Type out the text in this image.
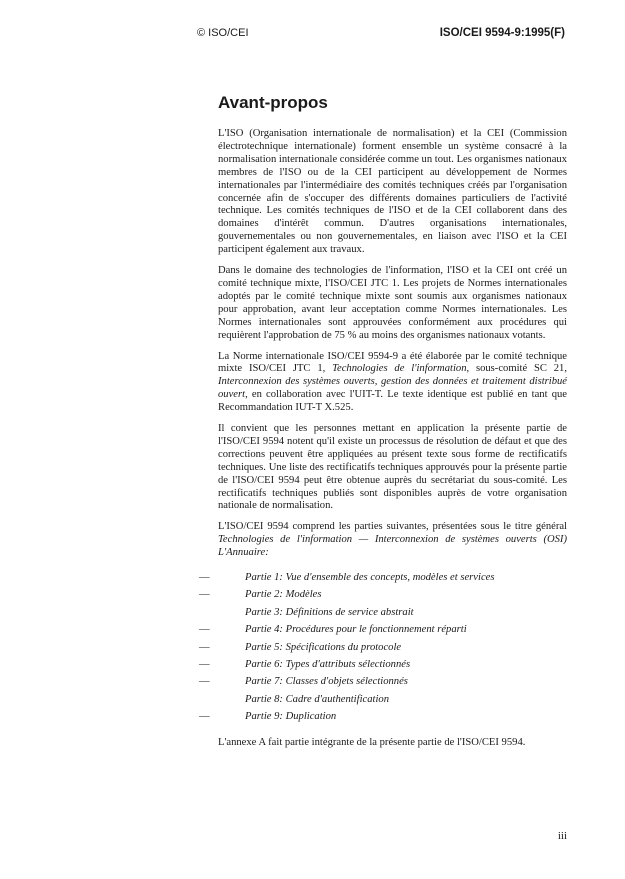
© ISO/CEI	ISO/CEI 9594-9:1995(F)
Avant-propos

L'ISO (Organisation internationale de normalisation) et la CEI (Commission électrotechnique internationale) forment ensemble un système consacré à la normalisation internationale considérée comme un tout. Les organismes nationaux membres de l'ISO ou de la CEI participent au développement de Normes internationales par l'intermédiaire des comités techniques créés par l'organisation concernée afin de s'occuper des différents domaines particuliers de l'activité technique. Les comités techniques de l'ISO et de la CEI collaborent dans des domaines d'intérêt commun. D'autres organisations internationales, gouvernementales ou non gouvernementales, en liaison avec l'ISO et la CEI participent également aux travaux.

Dans le domaine des technologies de l'information, l'ISO et la CEI ont créé un comité technique mixte, l'ISO/CEI JTC 1. Les projets de Normes internationales adoptés par le comité technique mixte sont soumis aux organismes nationaux pour approbation, avant leur acceptation comme Normes internationales. Les Normes internationales sont approuvées conformément aux procédures qui requièrent l'approbation de 75 % au moins des organismes nationaux votants.

La Norme internationale ISO/CEI 9594-9 a été élaborée par le comité technique mixte ISO/CEI JTC 1, Technologies de l'information, sous-comité SC 21, Interconnexion des systèmes ouverts, gestion des données et traitement distribué ouvert, en collaboration avec l'UIT-T. Le texte identique est publié en tant que Recommandation IUT-T X.525.

Il convient que les personnes mettant en application la présente partie de l'ISO/CEI 9594 notent qu'il existe un processus de résolution de défaut et que des corrections peuvent être appliquées au présent texte sous forme de rectificatifs techniques. Une liste des rectificatifs techniques approuvés pour la présente partie de l'ISO/CEI 9594 peut être obtenue auprès du secrétariat du sous-comité. Les rectificatifs techniques publiés sont disponibles auprès de votre organisation nationale de normalisation.

L'ISO/CEI 9594 comprend les parties suivantes, présentées sous le titre général Technologies de l'information — Interconnexion de systèmes ouverts (OSI) L'Annuaire:

—	Partie 1: Vue d'ensemble des concepts, modèles et services
—	Partie 2: Modèles
Partie 3: Définitions de service abstrait
—	Partie 4: Procédures pour le fonctionnement réparti
—	Partie 5: Spécifications du protocole
—	Partie 6: Types d'attributs sélectionnés
—	Partie 7: Classes d'objets sélectionnés
Partie 8: Cadre d'authentification
—	Partie 9: Duplication

L'annexe A fait partie intégrante de la présente partie de l'ISO/CEI 9594.

iii
